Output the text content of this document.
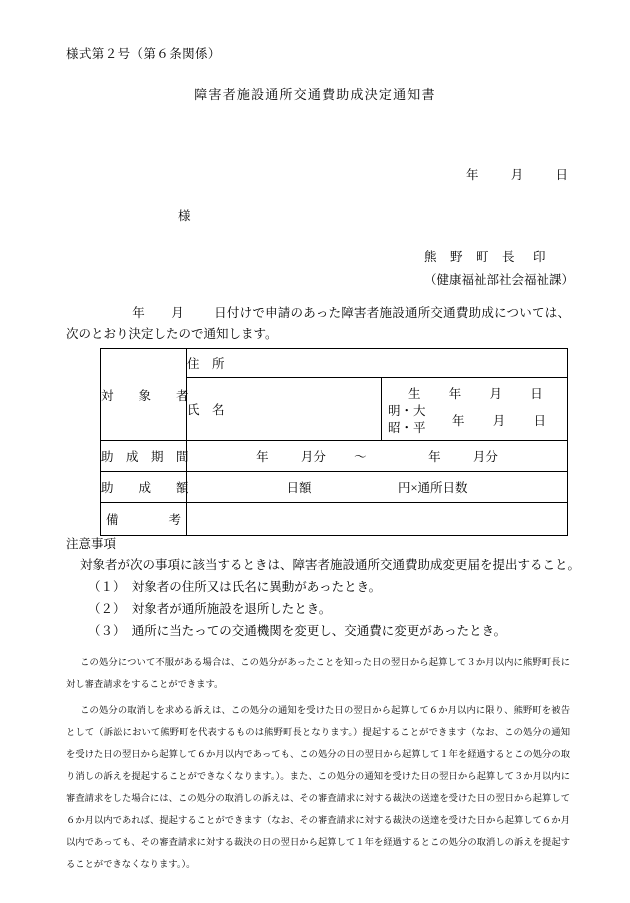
様式第２号（第６条関係）
障害者施設通所交通費助成決定通知書
年	月	日
様
熊　野　町　長 印
（健康福祉部社会福祉課）
年 月 日付けで申請のあった障害者施設通所交通費助成については、次のとおり決定したので通知します。
対　　象　　者	住　所	
	氏　名	生 年 月 日
明・大
昭・平 年 月 日

助　成　期　間	年 月分 ～ 年 月分	

助　　成　　額	日額 円×通所日数	

備　　　　考		

注意事項
対象者が次の事項に該当するときは、障害者施設通所交通費助成変更届を提出すること。
（１）　対象者の住所又は氏名に異動があったとき。
（２）　対象者が通所施設を退所したとき。
（３）　通所に当たっての交通機関を変更し、交通費に変更があったとき。
この処分について不服がある場合は、この処分があったことを知った日の翌日から起算して３か月以内に熊野町長に対し審査請求をすることができます。
この処分の取消しを求める訴えは、この処分の通知を受けた日の翌日から起算して６か月以内に限り、熊野町を被告として（訴訟において熊野町を代表するものは熊野町長となります。）提起することができます（なお、この処分の通知を受けた日の翌日から起算して６か月以内であっても、この処分の日の翌日から起算して１年を経過するとこの処分の取り消しの訴えを提起することができなくなります。）。また、この処分の通知を受けた日の翌日から起算して３か月以内に審査請求をした場合には、この処分の取消しの訴えは、その審査請求に対する裁決の送達を受けた日の翌日から起算して６か月以内であれば、提起することができます（なお、その審査請求に対する裁決の送達を受けた日から起算して６か月以内であっても、その審査請求に対する裁決の日の翌日から起算して１年を経過するとこの処分の取消しの訴えを提起することができなくなります。）。
